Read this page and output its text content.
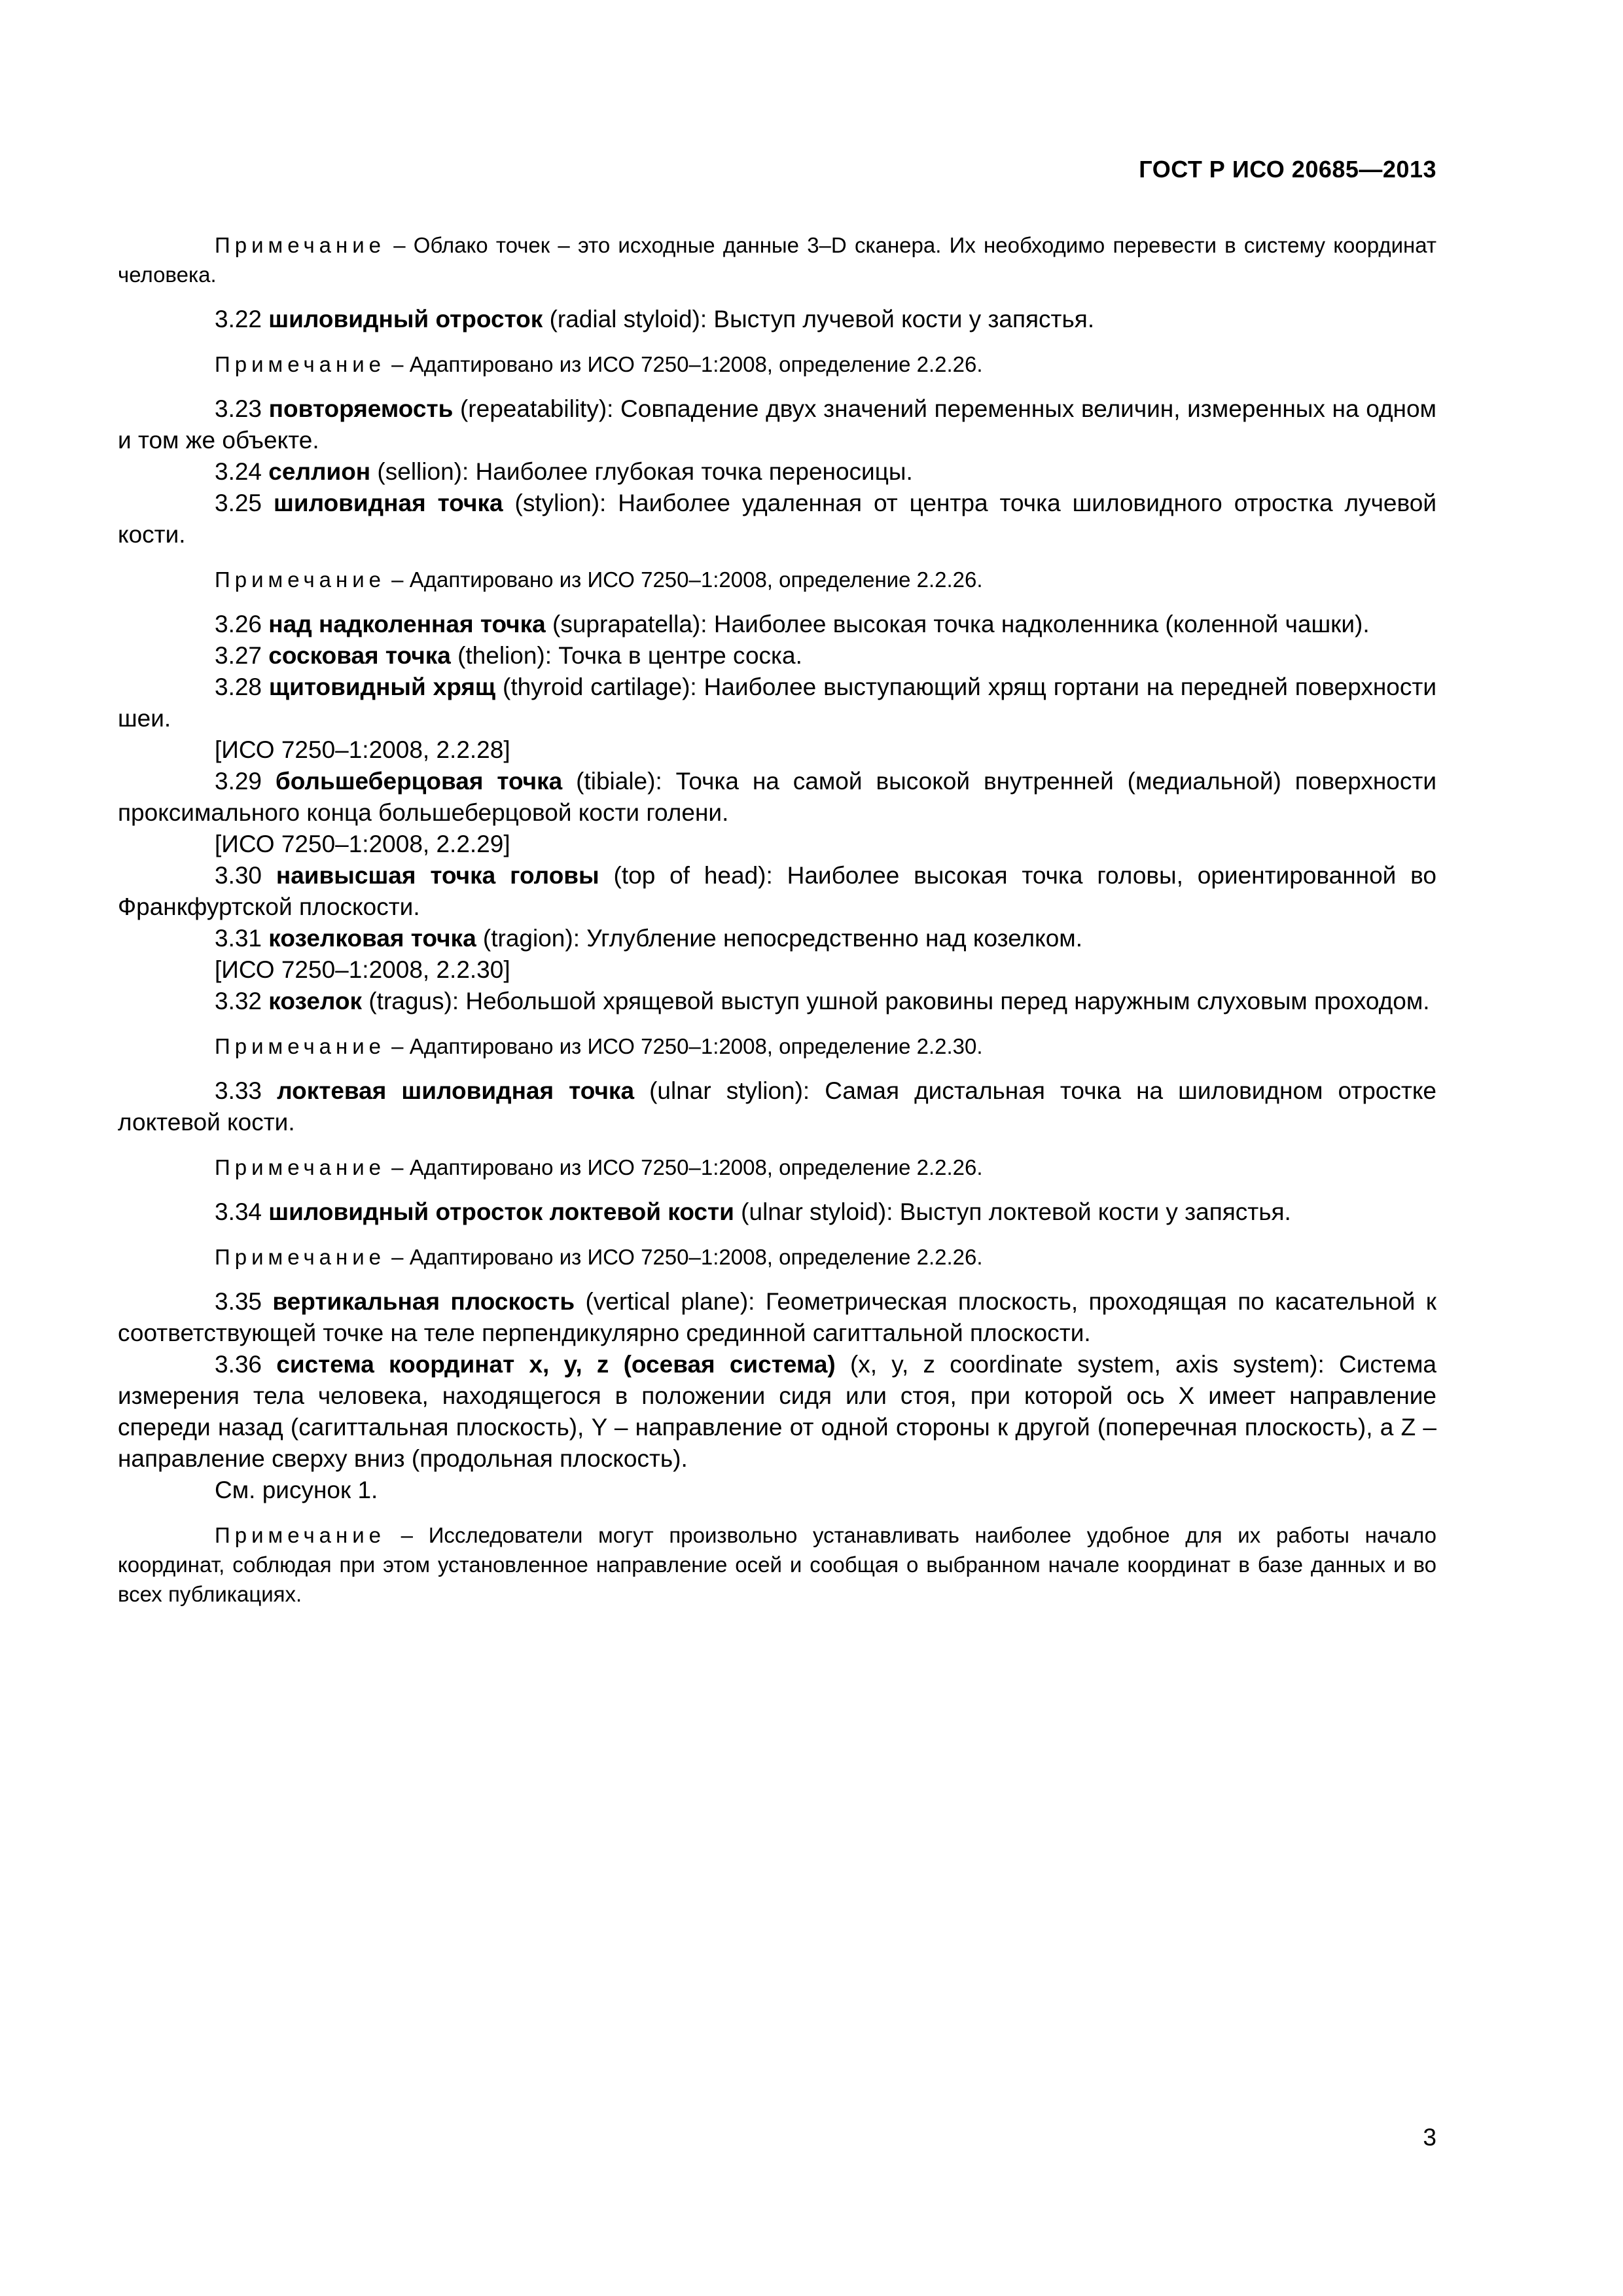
ГОСТ Р ИСО 20685—2013

Примечание – Облако точек – это исходные данные 3–D сканера. Их необходимо перевести в систему координат человека.

3.22 шиловидный отросток (radial styloid): Выступ лучевой кости у запястья.

Примечание – Адаптировано из ИСО 7250–1:2008, определение 2.2.26.

3.23 повторяемость (repeatability): Совпадение двух значений переменных величин, измеренных на одном и том же объекте.

3.24 селлион (sellion): Наиболее глубокая точка переносицы.

3.25 шиловидная точка (stylion): Наиболее удаленная от центра точка шиловидного отростка лучевой кости.

Примечание – Адаптировано из ИСО 7250–1:2008, определение 2.2.26.

3.26 над надколенная точка (suprapatella): Наиболее высокая точка надколенника (коленной чашки).

3.27 сосковая точка (thelion): Точка в центре соска.

3.28 щитовидный хрящ (thyroid cartilage): Наиболее выступающий хрящ гортани на передней поверхности шеи.

[ИСО 7250–1:2008, 2.2.28]

3.29 большеберцовая точка (tibiale): Точка на самой высокой внутренней (медиальной) поверхности проксимального конца большеберцовой кости голени.

[ИСО 7250–1:2008, 2.2.29]

3.30 наивысшая точка головы (top of head): Наиболее высокая точка головы, ориентированной во Франкфуртской плоскости.

3.31 козелковая точка (tragion): Углубление непосредственно над козелком.

[ИСО 7250–1:2008, 2.2.30]

3.32 козелок (tragus): Небольшой хрящевой выступ ушной раковины перед наружным слуховым проходом.

Примечание – Адаптировано из ИСО 7250–1:2008, определение 2.2.30.

3.33 локтевая шиловидная точка (ulnar stylion): Самая дистальная точка на шиловидном отростке локтевой кости.

Примечание – Адаптировано из ИСО 7250–1:2008, определение 2.2.26.

3.34 шиловидный отросток локтевой кости (ulnar styloid): Выступ локтевой кости у запястья.

Примечание – Адаптировано из ИСО 7250–1:2008, определение 2.2.26.

3.35 вертикальная плоскость (vertical plane): Геометрическая плоскость, проходящая по касательной к соответствующей точке на теле перпендикулярно срединной сагиттальной плоскости.

3.36 система координат x, y, z (осевая система) (x, y, z coordinate system, axis system): Система измерения тела человека, находящегося в положении сидя или стоя, при которой ось X имеет направление спереди назад (сагиттальная плоскость), Y – направление от одной стороны к другой (поперечная плоскость), а Z – направление сверху вниз (продольная плоскость).

См. рисунок 1.

Примечание – Исследователи могут произвольно устанавливать наиболее удобное для их работы начало координат, соблюдая при этом установленное направление осей и сообщая о выбранном начале координат в базе данных и во всех публикациях.

3
